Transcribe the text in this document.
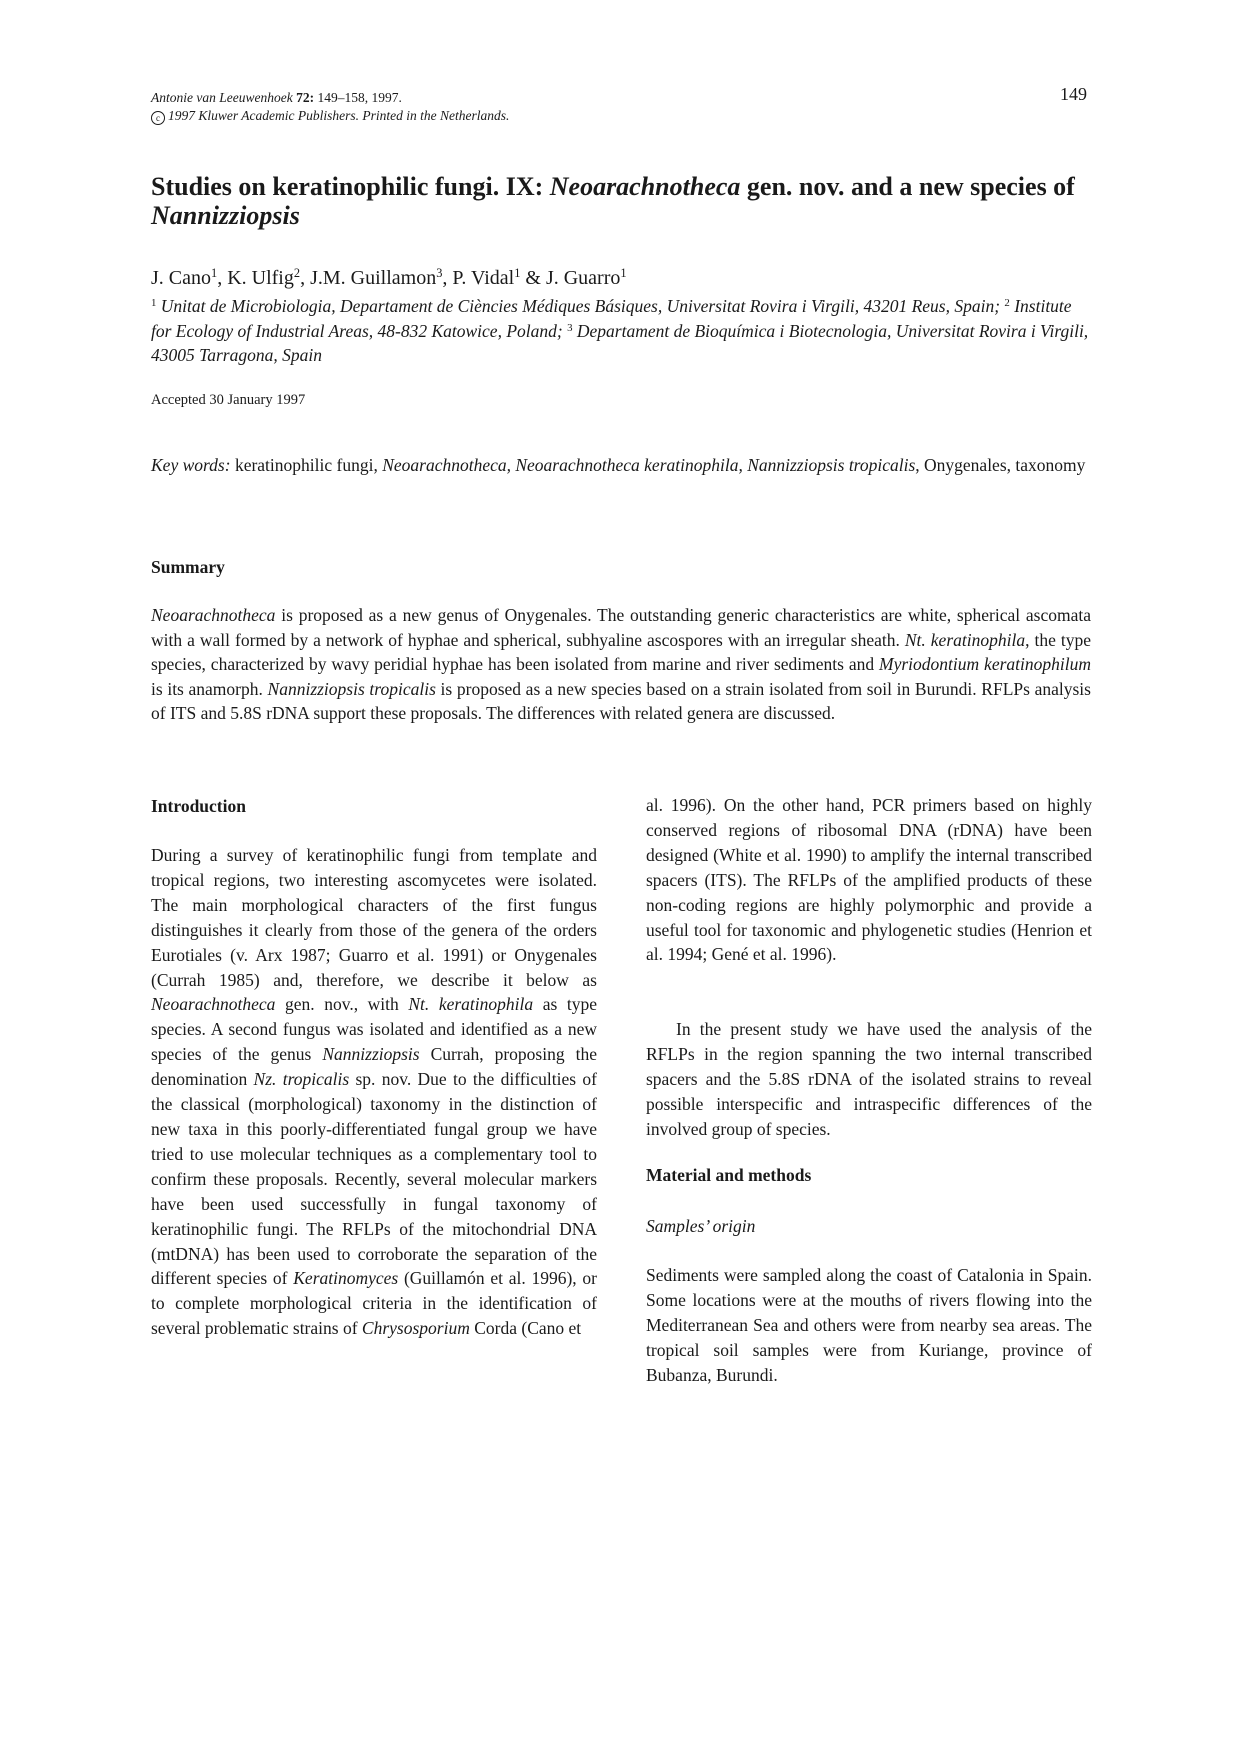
Antonie van Leeuwenhoek 72: 149–158, 1997.
c 1997 Kluwer Academic Publishers. Printed in the Netherlands.
149
Studies on keratinophilic fungi. IX: Neoarachnotheca gen. nov. and a new species of Nannizziopsis
J. Cano$^1$, K. Ulfig$^2$, J.M. Guillamon$^3$, P. Vidal$^1$ & J. Guarro$^1$
$^1$ Unitat de Microbiologia, Departament de Ciències Médiques Básiques, Universitat Rovira i Virgili, 43201 Reus, Spain; $^2$ Institute for Ecology of Industrial Areas, 48-832 Katowice, Poland; $^3$ Departament de Bioquímica i Biotecnologia, Universitat Rovira i Virgili, 43005 Tarragona, Spain
Accepted 30 January 1997
Key words: keratinophilic fungi, Neoarachnotheca, Neoarachnotheca keratinophila, Nannizziopsis tropicalis, Onygenales, taxonomy
Summary

Neoarachnotheca is proposed as a new genus of Onygenales. The outstanding generic characteristics are white, spherical ascomata with a wall formed by a network of hyphae and spherical, subhyaline ascospores with an irregular sheath. Nt. keratinophila, the type species, characterized by wavy peridial hyphae has been isolated from marine and river sediments and Myriodontium keratinophilum is its anamorph. Nannizziopsis tropicalis is proposed as a new species based on a strain isolated from soil in Burundi. RFLPs analysis of ITS and 5.8S rDNA support these proposals. The differences with related genera are discussed.

Introduction

During a survey of keratinophilic fungi from template and tropical regions, two interesting ascomycetes were isolated. The main morphological characters of the first fungus distinguishes it clearly from those of the genera of the orders Eurotiales (v. Arx 1987; Guarro et al. 1991) or Onygenales (Currah 1985) and, therefore, we describe it below as Neoarachnotheca gen. nov., with Nt. keratinophila as type species. A second fungus was isolated and identified as a new species of the genus Nannizziopsis Currah, proposing the denomination Nz. tropicalis sp. nov. Due to the difficulties of the classical (morphological) taxonomy in the distinction of new taxa in this poorly-differentiated fungal group we have tried to use molecular techniques as a complementary tool to confirm these proposals. Recently, several molecular markers have been used successfully in fungal taxonomy of keratinophilic fungi. The RFLPs of the mitochondrial DNA (mtDNA) has been used to corroborate the separation of the different species of Keratinomyces (Guillamón et al. 1996), or to complete morphological criteria in the identification of several problematic strains of Chrysosporium Corda (Cano et

al. 1996). On the other hand, PCR primers based on highly conserved regions of ribosomal DNA (rDNA) have been designed (White et al. 1990) to amplify the internal transcribed spacers (ITS). The RFLPs of the amplified products of these non-coding regions are highly polymorphic and provide a useful tool for taxonomic and phylogenetic studies (Henrion et al. 1994; Gené et al. 1996).

In the present study we have used the analysis of the RFLPs in the region spanning the two internal transcribed spacers and the 5.8S rDNA of the isolated strains to reveal possible interspecific and intraspecific differences of the involved group of species.

Material and methods
Samples’ origin

Sediments were sampled along the coast of Catalonia in Spain. Some locations were at the mouths of rivers flowing into the Mediterranean Sea and others were from nearby sea areas. The tropical soil samples were from Kuriange, province of Bubanza, Burundi.
